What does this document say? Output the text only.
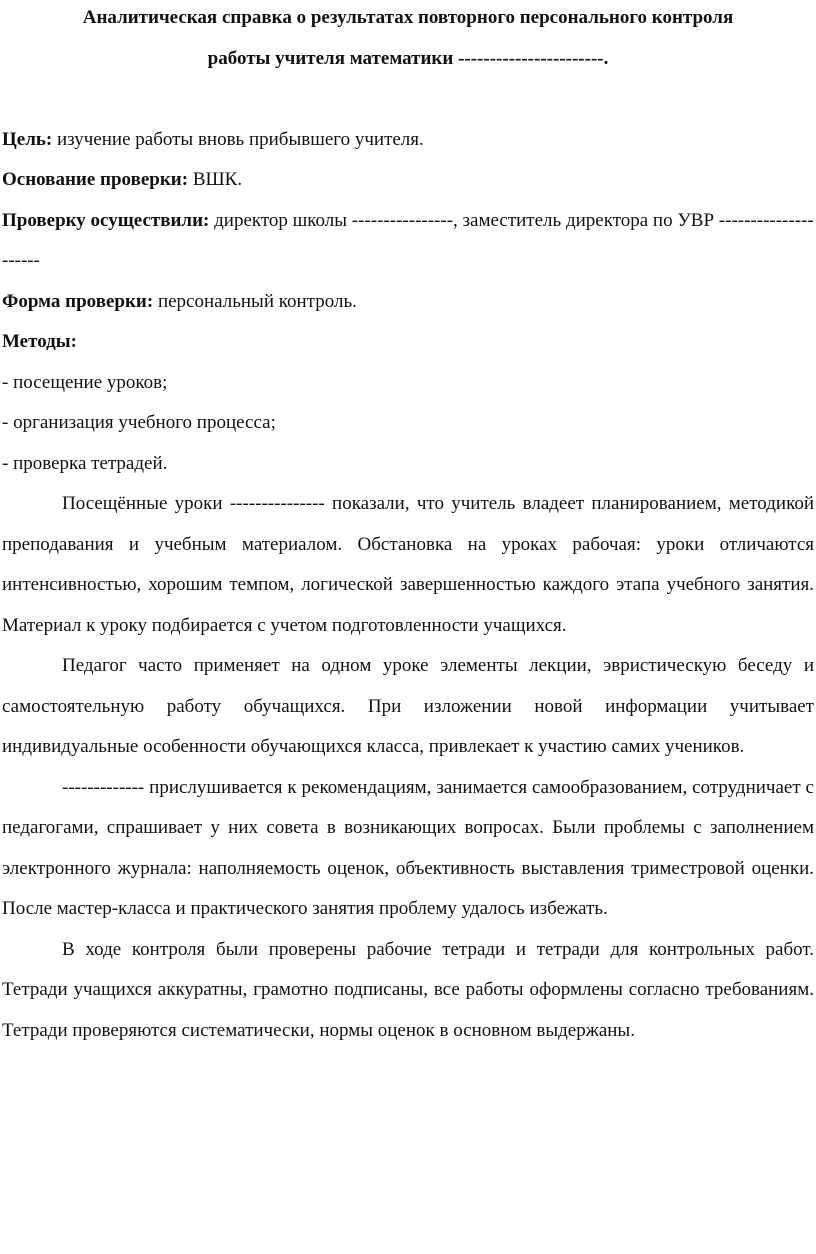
Аналитическая справка о результатах повторного персонального контроля

работы учителя математики -----------------------.

Цель: изучение работы вновь прибывшего учителя.

Основание проверки: ВШК.

Проверку осуществили: директор школы ----------------, заместитель директора по УВР ---------------------

Форма проверки: персональный контроль.

Методы:

- посещение уроков;

- организация учебного процесса;

- проверка тетрадей.

Посещённые уроки --------------- показали, что учитель владеет планированием, методикой преподавания и учебным материалом. Обстановка на уроках рабочая: уроки отличаются интенсивностью, хорошим темпом, логической завершенностью каждого этапа учебного занятия. Материал к уроку подбирается с учетом подготовленности учащихся.

Педагог часто применяет на одном уроке элементы лекции, эвристическую беседу и самостоятельную работу обучащихся. При изложении новой информации учитывает индивидуальные особенности обучающихся класса, привлекает к участию самих учеников.

------------- прислушивается к рекомендациям, занимается самообразованием, сотрудничает с педагогами, спрашивает у них совета в возникающих вопросах. Были проблемы с заполнением электронного журнала: наполняемость оценок, объективность выставления триместровой оценки. После мастер-класса и практического занятия проблему удалось избежать.

В ходе контроля были проверены рабочие тетради и тетради для контрольных работ. Тетради учащихся аккуратны, грамотно подписаны, все работы оформлены согласно требованиям. Тетради проверяются систематически, нормы оценок в основном выдержаны.
